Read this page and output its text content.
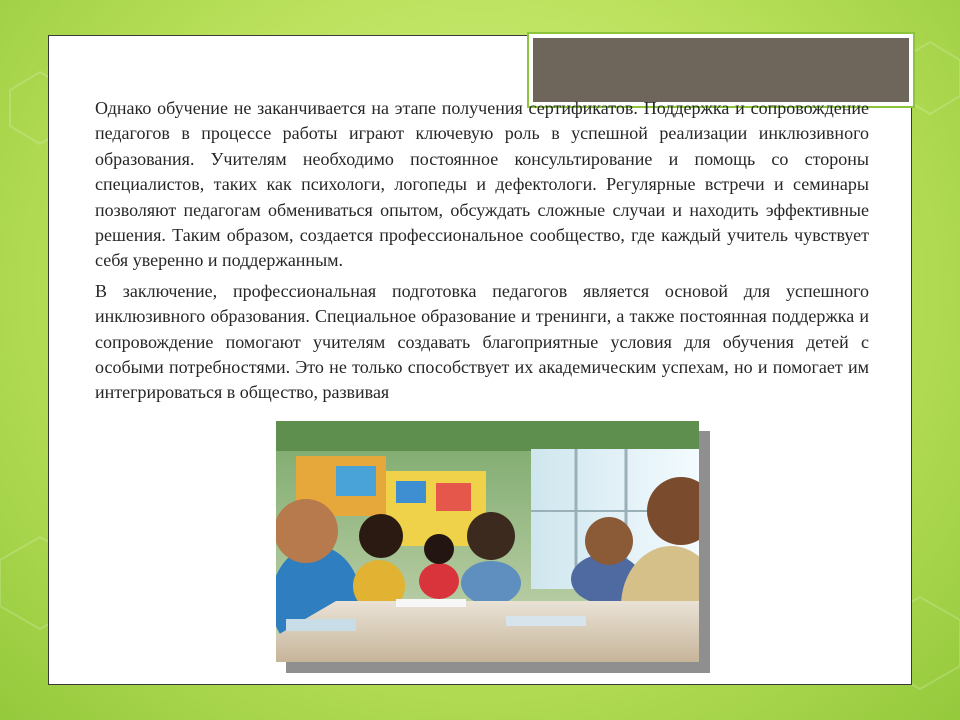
Однако обучение не заканчивается на этапе получения сертификатов. Поддержка и сопровождение педагогов в процессе работы играют ключевую роль в успешной реализации инклюзивного образования. Учителям необходимо постоянное консультирование и помощь со стороны специалистов, таких как психологи, логопеды и дефектологи. Регулярные встречи и семинары позволяют педагогам обмениваться опытом, обсуждать сложные случаи и находить эффективные решения. Таким образом, создается профессиональное сообщество, где каждый учитель чувствует себя уверенно и поддержанным.

В заключение, профессиональная подготовка педагогов является основой для успешного инклюзивного образования. Специальное образование и тренинги, а также постоянная поддержка и сопровождение помогают учителям создавать благоприятные условия для обучения детей с особыми потребностями. Это не только способствует их академическим успехам, но и помогает им интегрироваться в общество, развивая
